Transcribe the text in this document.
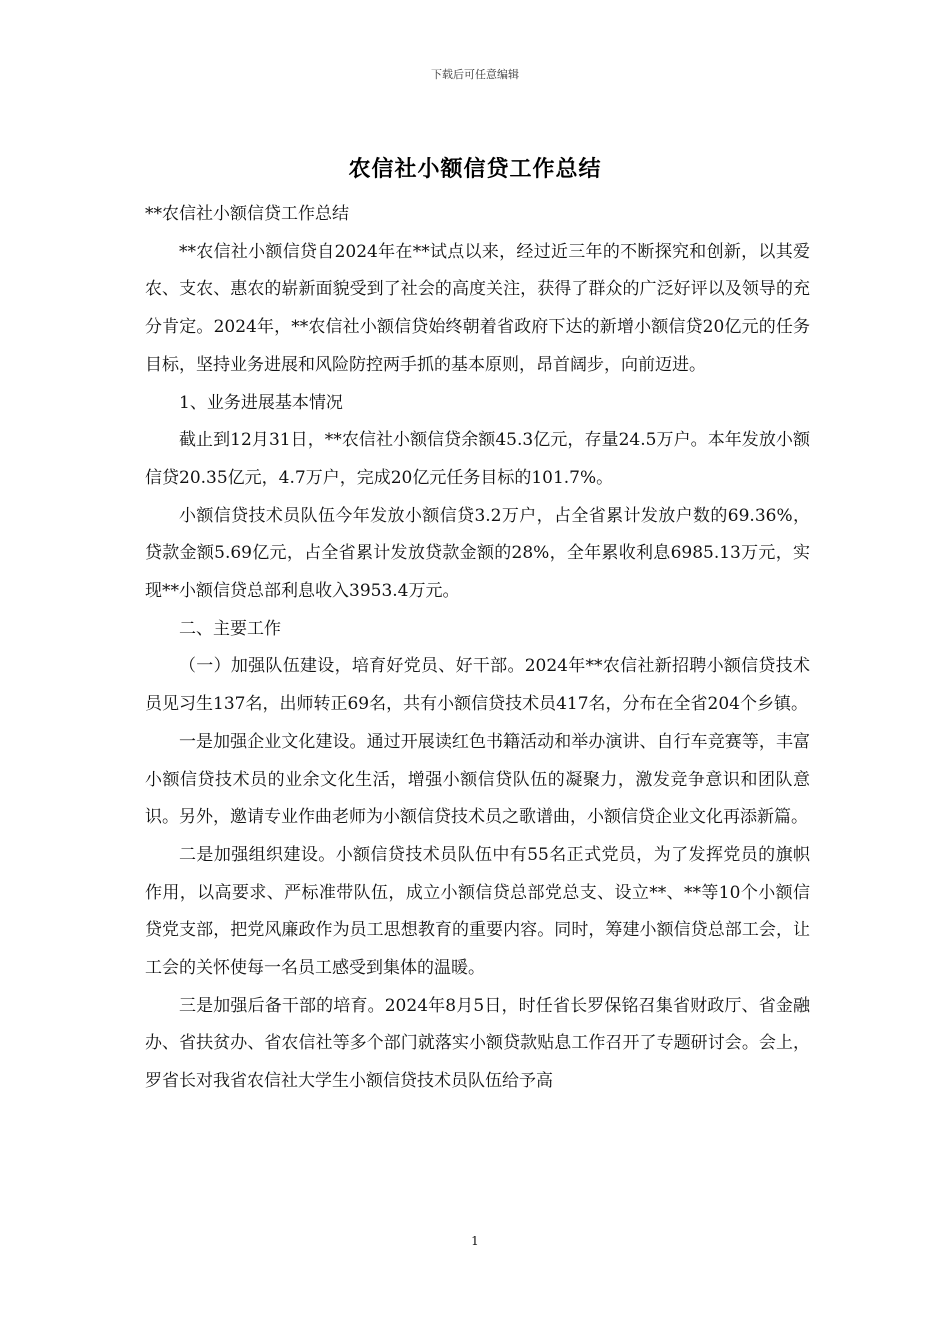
下载后可任意编辑
农信社小额信贷工作总结

**农信社小额信贷工作总结

**农信社小额信贷自2024年在**试点以来，经过近三年的不断探究和创新，以其爱农、支农、惠农的崭新面貌受到了社会的高度关注，获得了群众的广泛好评以及领导的充分肯定。2024年，**农信社小额信贷始终朝着省政府下达的新增小额信贷20亿元的任务目标，坚持业务进展和风险防控两手抓的基本原则，昂首阔步，向前迈进。

1、业务进展基本情况

截止到12月31日，**农信社小额信贷余额45.3亿元，存量24.5万户。本年发放小额信贷20.35亿元，4.7万户，完成20亿元任务目标的101.7%。

小额信贷技术员队伍今年发放小额信贷3.2万户，占全省累计发放户数的69.36%，贷款金额5.69亿元，占全省累计发放贷款金额的28%，全年累收利息6985.13万元，实现**小额信贷总部利息收入3953.4万元。

二、主要工作

（一）加强队伍建设，培育好党员、好干部。2024年**农信社新招聘小额信贷技术员见习生137名，出师转正69名，共有小额信贷技术员417名，分布在全省204个乡镇。

一是加强企业文化建设。通过开展读红色书籍活动和举办演讲、自行车竞赛等，丰富小额信贷技术员的业余文化生活，增强小额信贷队伍的凝聚力，激发竞争意识和团队意识。另外，邀请专业作曲老师为小额信贷技术员之歌谱曲，小额信贷企业文化再添新篇。

二是加强组织建设。小额信贷技术员队伍中有55名正式党员，为了发挥党员的旗帜作用，以高要求、严标准带队伍，成立小额信贷总部党总支、设立**、**等10个小额信贷党支部，把党风廉政作为员工思想教育的重要内容。同时，筹建小额信贷总部工会，让工会的关怀使每一名员工感受到集体的温暖。

三是加强后备干部的培育。2024年8月5日，时任省长罗保铭召集省财政厅、省金融办、省扶贫办、省农信社等多个部门就落实小额贷款贴息工作召开了专题研讨会。会上，罗省长对我省农信社大学生小额信贷技术员队伍给予高

1
